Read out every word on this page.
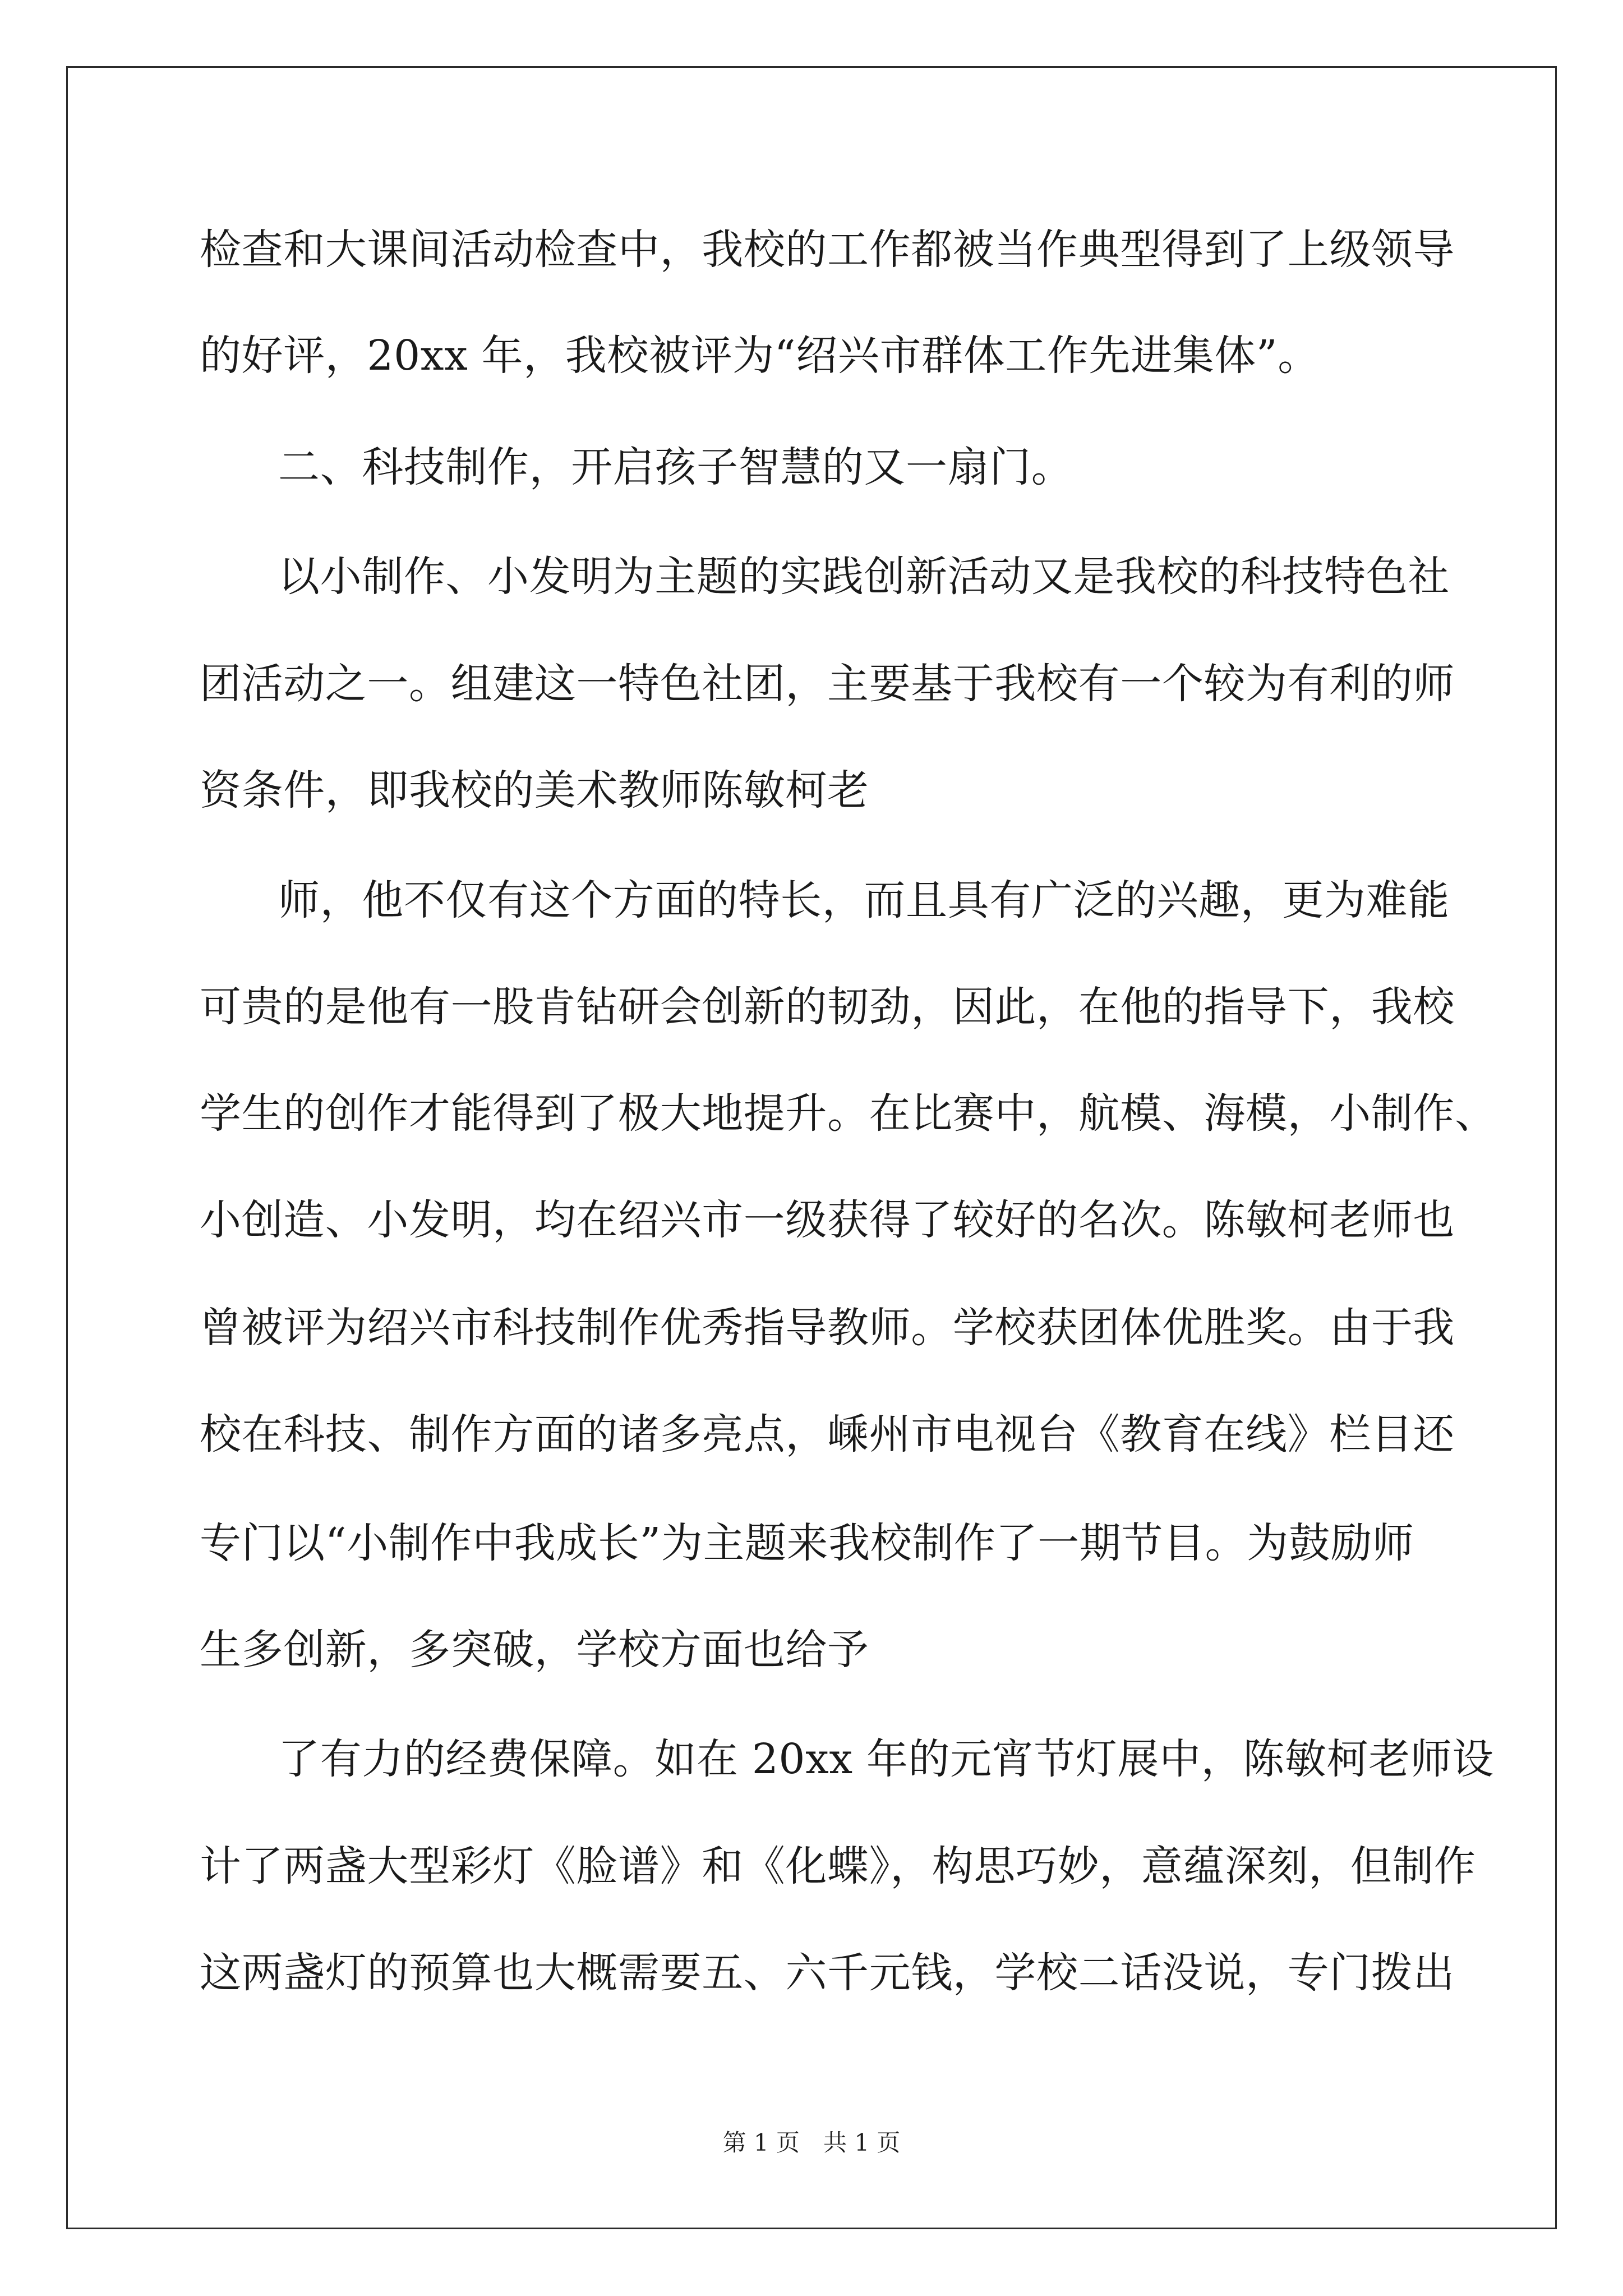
检查和大课间活动检查中，我校的工作都被当作典型得到了上级领导
的好评，20xx 年，我校被评为“绍兴市群体工作先进集体”。
二、科技制作，开启孩子智慧的又一扇门。
以小制作、小发明为主题的实践创新活动又是我校的科技特色社
团活动之一。组建这一特色社团，主要基于我校有一个较为有利的师
资条件，即我校的美术教师陈敏柯老
师，他不仅有这个方面的特长，而且具有广泛的兴趣，更为难能
可贵的是他有一股肯钻研会创新的韧劲，因此，在他的指导下，我校
学生的创作才能得到了极大地提升。在比赛中，航模、海模，小制作、
小创造、小发明，均在绍兴市一级获得了较好的名次。陈敏柯老师也
曾被评为绍兴市科技制作优秀指导教师。学校获团体优胜奖。由于我
校在科技、制作方面的诸多亮点，嵊州市电视台《教育在线》栏目还
专门以“小制作中我成长”为主题来我校制作了一期节目。为鼓励师
生多创新，多突破，学校方面也给予
了有力的经费保障。如在 20xx 年的元宵节灯展中，陈敏柯老师设
计了两盏大型彩灯《脸谱》和《化蝶》，构思巧妙，意蕴深刻，但制作
这两盏灯的预算也大概需要五、六千元钱，学校二话没说，专门拨出
第 1 页　共 1 页
